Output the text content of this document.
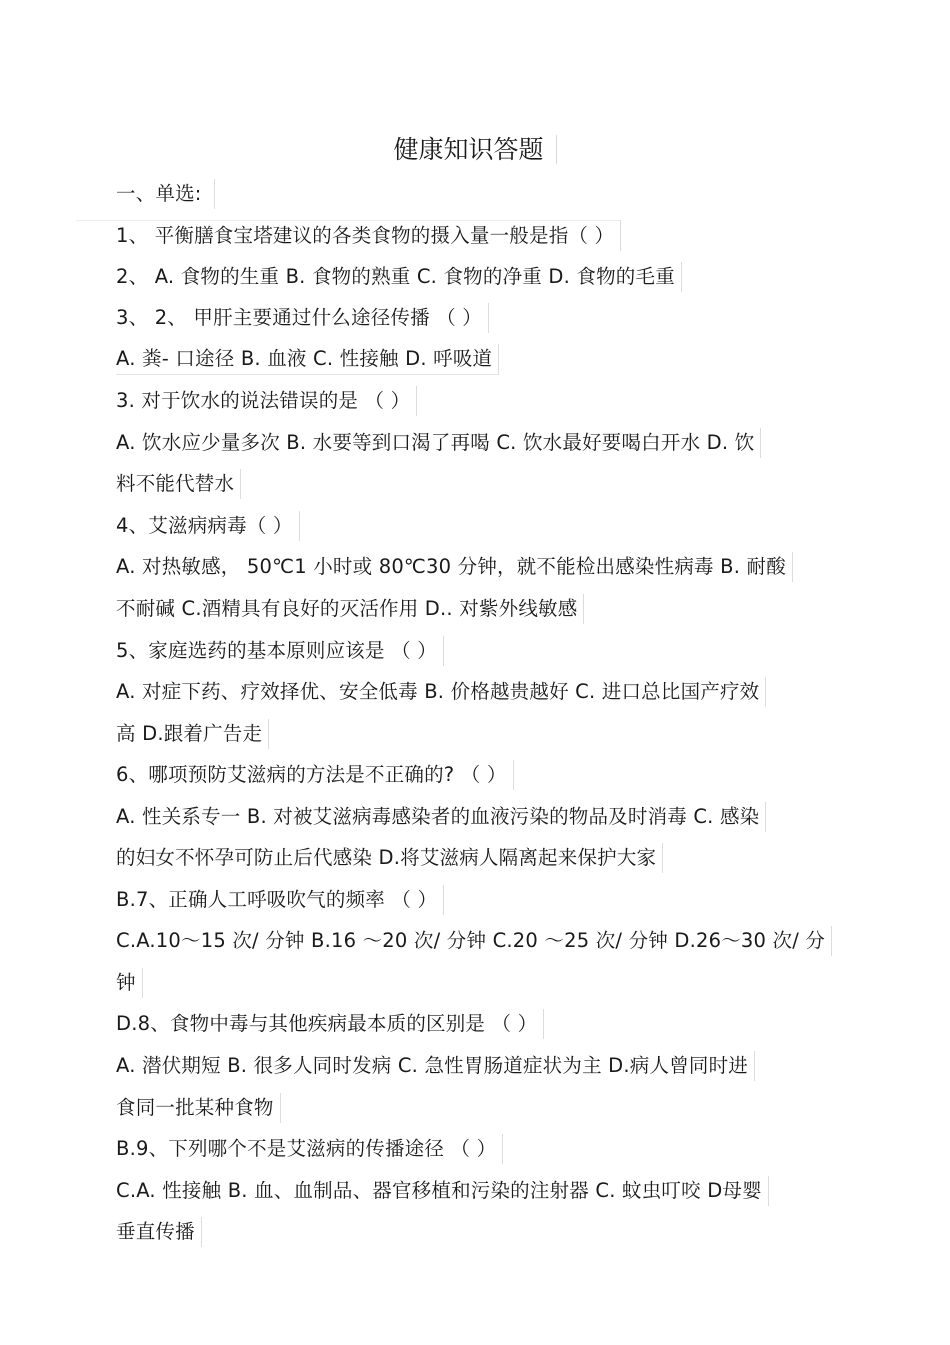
健康知识答题
一、单选:
1、 平衡膳食宝塔建议的各类食物的摄入量一般是指（ ）
2、 A. 食物的生重 B. 食物的熟重 C. 食物的净重 D. 食物的毛重
3、 2、 甲肝主要通过什么途径传播 （ ）
A. 粪- 口途径 B. 血液 C. 性接触 D. 呼吸道
3. 对于饮水的说法错误的是 （ ）
A. 饮水应少量多次 B. 水要等到口渴了再喝 C. 饮水最好要喝白开水 D. 饮
料不能代替水
4、艾滋病病毒（ ）
A. 对热敏感， 50℃1 小时或 80℃30 分钟，就不能检出感染性病毒 B. 耐酸
不耐碱 C.酒精具有良好的灭活作用 D.. 对紫外线敏感
5、家庭选药的基本原则应该是 （ ）
A. 对症下药、疗效择优、安全低毒 B. 价格越贵越好 C. 进口总比国产疗效
高 D.跟着广告走
6、哪项预防艾滋病的方法是不正确的? （ ）
A. 性关系专一 B. 对被艾滋病毒感染者的血液污染的物品及时消毒 C. 感染
的妇女不怀孕可防止后代感染 D.将艾滋病人隔离起来保护大家
B.7、正确人工呼吸吹气的频率 （ ）
C.A.10～15 次/ 分钟 B.16 ～20 次/ 分钟 C.20 ～25 次/ 分钟 D.26～30 次/ 分
钟
D.8、食物中毒与其他疾病最本质的区别是 （ ）
A. 潜伏期短 B. 很多人同时发病 C. 急性胃肠道症状为主 D.病人曾同时进
食同一批某种食物
B.9、下列哪个不是艾滋病的传播途径 （ ）
C.A. 性接触 B. 血、血制品、器官移植和污染的注射器 C. 蚊虫叮咬 D母婴
垂直传播
